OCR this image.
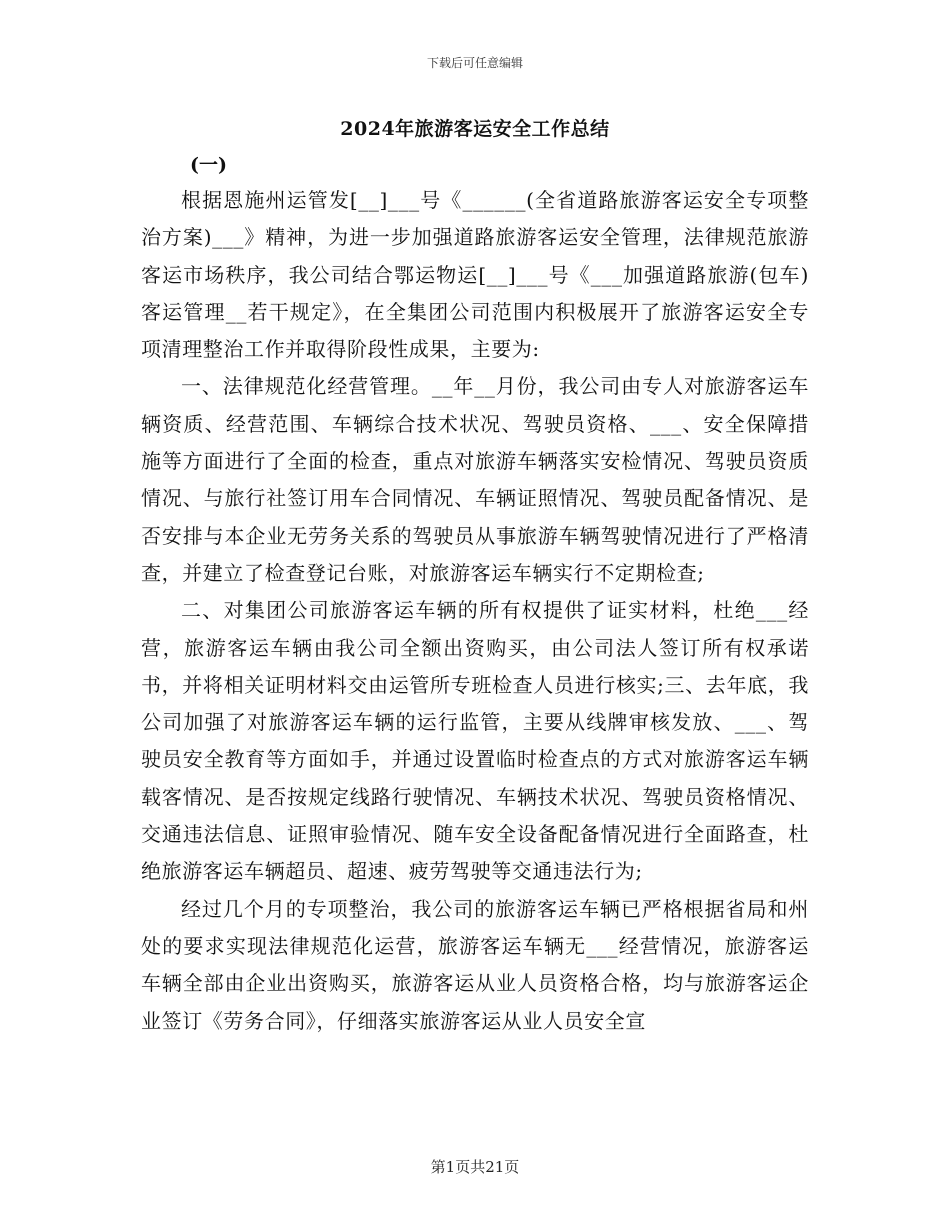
下载后可任意编辑
2024年旅游客运安全工作总结
(一)

根据恩施州运管发[__]___号《______(全省道路旅游客运安全专项整治方案)___》精神，为进一步加强道路旅游客运安全管理，法律规范旅游客运市场秩序，我公司结合鄂运物运[__]___号《___加强道路旅游(包车)客运管理__若干规定》，在全集团公司范围内积极展开了旅游客运安全专项清理整治工作并取得阶段性成果，主要为:

一、法律规范化经营管理。__年__月份，我公司由专人对旅游客运车辆资质、经营范围、车辆综合技术状况、驾驶员资格、___、安全保障措施等方面进行了全面的检查，重点对旅游车辆落实安检情况、驾驶员资质情况、与旅行社签订用车合同情况、车辆证照情况、驾驶员配备情况、是否安排与本企业无劳务关系的驾驶员从事旅游车辆驾驶情况进行了严格清查，并建立了检查登记台账，对旅游客运车辆实行不定期检查;

二、对集团公司旅游客运车辆的所有权提供了证实材料，杜绝___经营，旅游客运车辆由我公司全额出资购买，由公司法人签订所有权承诺书，并将相关证明材料交由运管所专班检查人员进行核实;三、去年底，我公司加强了对旅游客运车辆的运行监管，主要从线牌审核发放、___、驾驶员安全教育等方面如手，并通过设置临时检查点的方式对旅游客运车辆载客情况、是否按规定线路行驶情况、车辆技术状况、驾驶员资格情况、交通违法信息、证照审验情况、随车安全设备配备情况进行全面路查，杜绝旅游客运车辆超员、超速、疲劳驾驶等交通违法行为;

经过几个月的专项整治，我公司的旅游客运车辆已严格根据省局和州处的要求实现法律规范化运营，旅游客运车辆无___经营情况，旅游客运车辆全部由企业出资购买，旅游客运从业人员资格合格，均与旅游客运企业签订《劳务合同》，仔细落实旅游客运从业人员安全宣

第1页共21页
